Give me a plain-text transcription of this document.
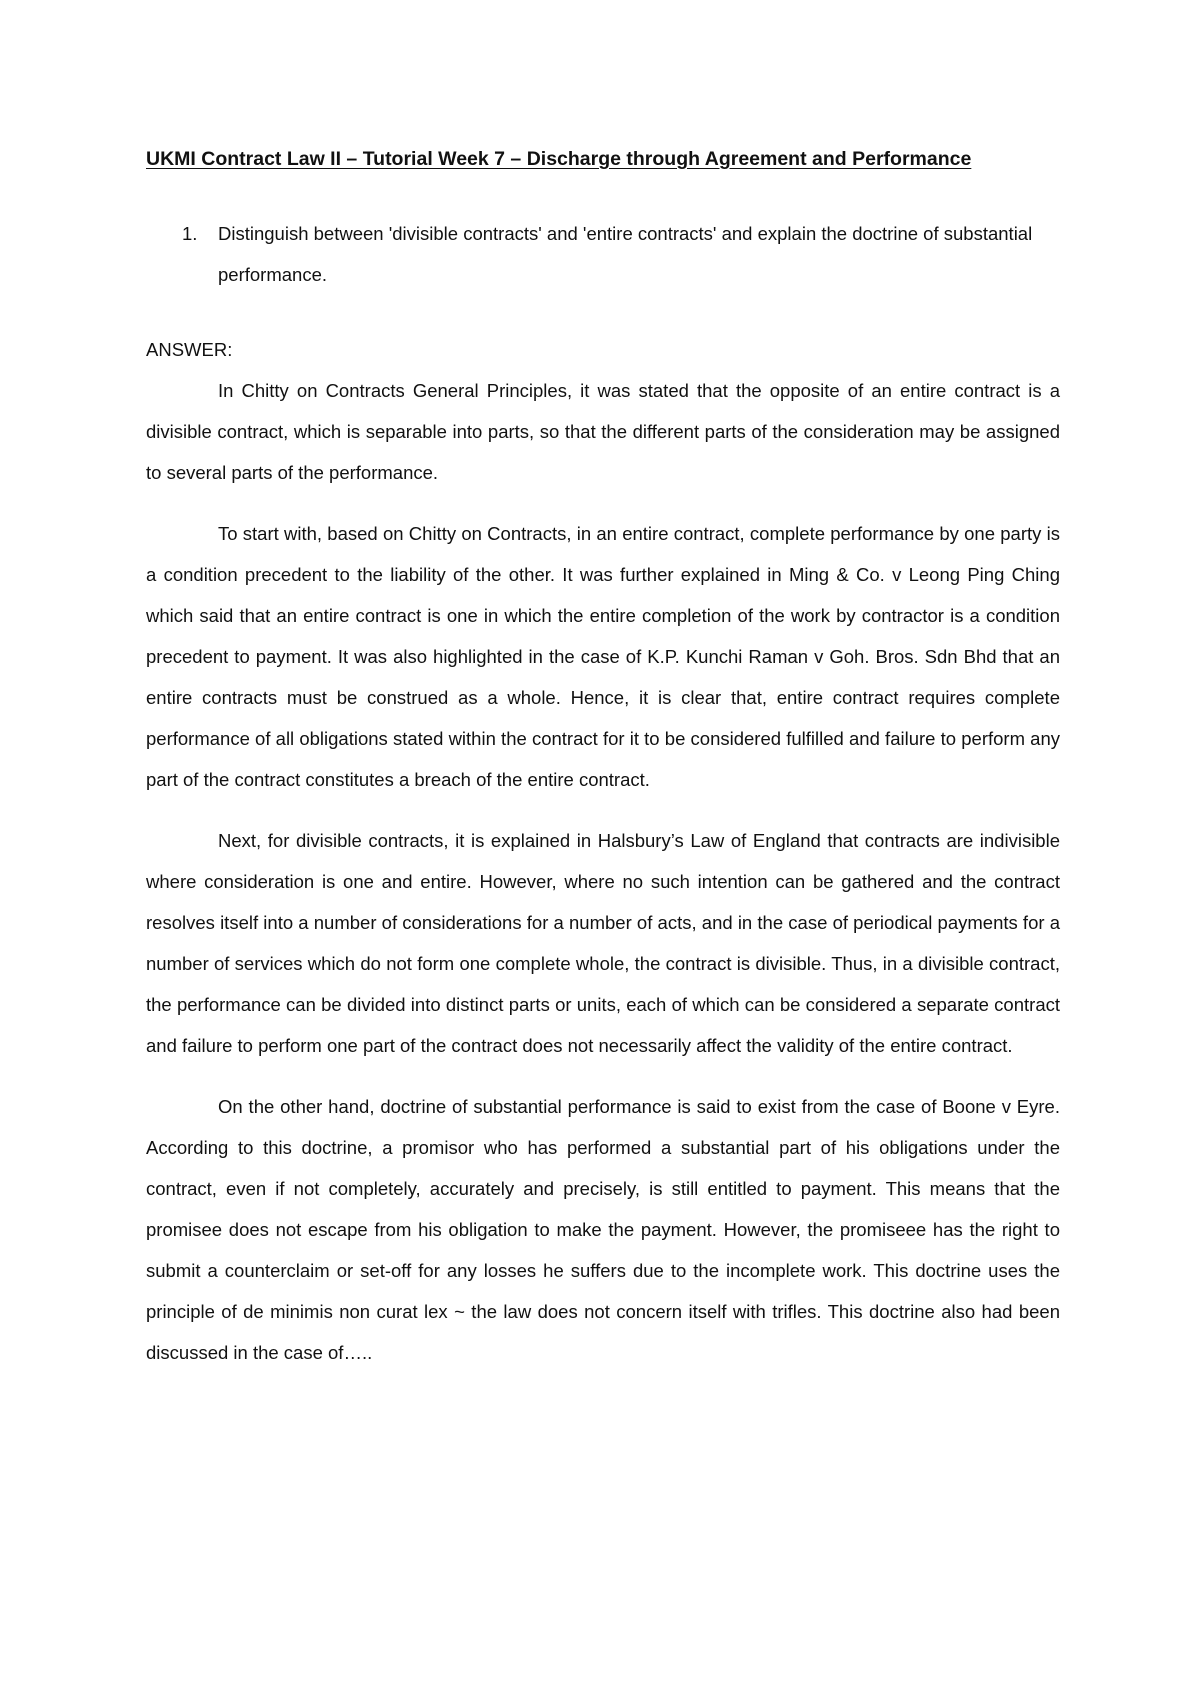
UKMI Contract Law II – Tutorial Week 7 – Discharge through Agreement and Performance
1.	Distinguish between 'divisible contracts' and 'entire contracts' and explain the doctrine of substantial performance.
ANSWER:

In Chitty on Contracts General Principles, it was stated that the opposite of an entire contract is a divisible contract, which is separable into parts, so that the different parts of the consideration may be assigned to several parts of the performance.

To start with, based on Chitty on Contracts, in an entire contract, complete performance by one party is a condition precedent to the liability of the other. It was further explained in Ming & Co. v Leong Ping Ching which said that an entire contract is one in which the entire completion of the work by contractor is a condition precedent to payment. It was also highlighted in the case of K.P. Kunchi Raman v Goh. Bros. Sdn Bhd that an entire contracts must be construed as a whole. Hence, it is clear that, entire contract requires complete performance of all obligations stated within the contract for it to be considered fulfilled and failure to perform any part of the contract constitutes a breach of the entire contract.

Next, for divisible contracts, it is explained in Halsbury’s Law of England that contracts are indivisible where consideration is one and entire. However, where no such intention can be gathered and the contract resolves itself into a number of considerations for a number of acts, and in the case of periodical payments for a number of services which do not form one complete whole, the contract is divisible. Thus, in a divisible contract, the performance can be divided into distinct parts or units, each of which can be considered a separate contract and failure to perform one part of the contract does not necessarily affect the validity of the entire contract.

On the other hand, doctrine of substantial performance is said to exist from the case of Boone v Eyre. According to this doctrine, a promisor who has performed a substantial part of his obligations under the contract, even if not completely, accurately and precisely, is still entitled to payment. This means that the promisee does not escape from his obligation to make the payment. However, the promiseee has the right to submit a counterclaim or set-off for any losses he suffers due to the incomplete work. This doctrine uses the principle of de minimis non curat lex ~ the law does not concern itself with trifles. This doctrine also had been discussed in the case of…..
